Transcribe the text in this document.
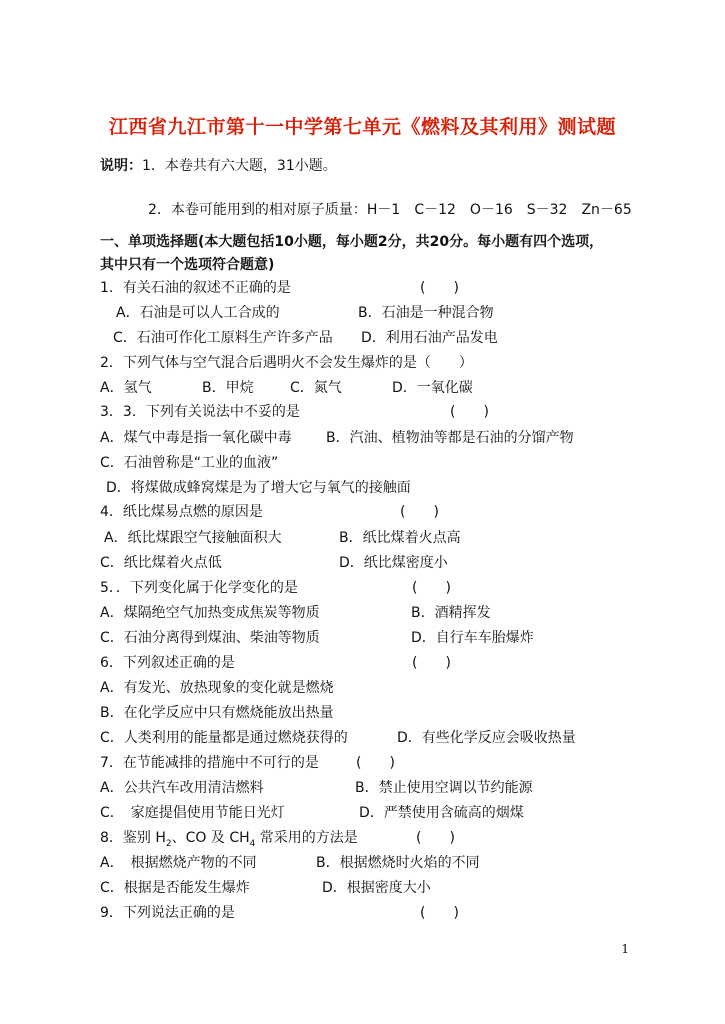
江西省九江市第十一中学第七单元《燃料及其利用》测试题
说明：1．本卷共有六大题，31小题。
2．本卷可能用到的相对原子质量：H－1　C－12　O－16　S－32　Zn－65
一、单项选择题(本大题包括10小题，每小题2分，共20分。每小题有四个选项，
其中只有一个选项符合题意)
1．有关石油的叙述不正确的是	(　　)
A．石油是可以人工合成的	B．石油是一种混合物
C．石油可作化工原料生产许多产品 D．利用石油产品发电
2．下列气体与空气混合后遇明火不会发生爆炸的是（　　）
A．氢气	B．甲烷	C．氮气	D．一氧化碳
3．3．下列有关说法中不妥的是	(　　)
A．煤气中毒是指一氧化碳中毒 B．汽油、植物油等都是石油的分馏产物
C．石油曾称是“工业的血液”
D．将煤做成蜂窝煤是为了增大它与氧气的接触面
4．纸比煤易点燃的原因是	(　　)
A．纸比煤跟空气接触面积大	B．纸比煤着火点高
C．纸比煤着火点低	D．纸比煤密度小
5．．下列变化属于化学变化的是	(　　)
A．煤隔绝空气加热变成焦炭等物质	B．酒精挥发
C．石油分离得到煤油、柴油等物质	D．自行车车胎爆炸
6．下列叙述正确的是	(　　)
A．有发光、放热现象的变化就是燃烧
B．在化学反应中只有燃烧能放出热量
C．人类利用的能量都是通过燃烧获得的	D．有些化学反应会吸收热量
7．在节能减排的措施中不可行的是	(　　)
A．公共汽车改用清洁燃料	B．禁止使用空调以节约能源
C．　家庭提倡使用节能日光灯	D．严禁使用含硫高的烟煤
8．鉴别 $H_2$、CO 及 $CH_4$ 常采用的方法是	(　　)
A．　根据燃烧产物的不同	B．根据燃烧时火焰的不同
C．根据是否能发生爆炸	D．根据密度大小
9．下列说法正确的是	(　　)
1
